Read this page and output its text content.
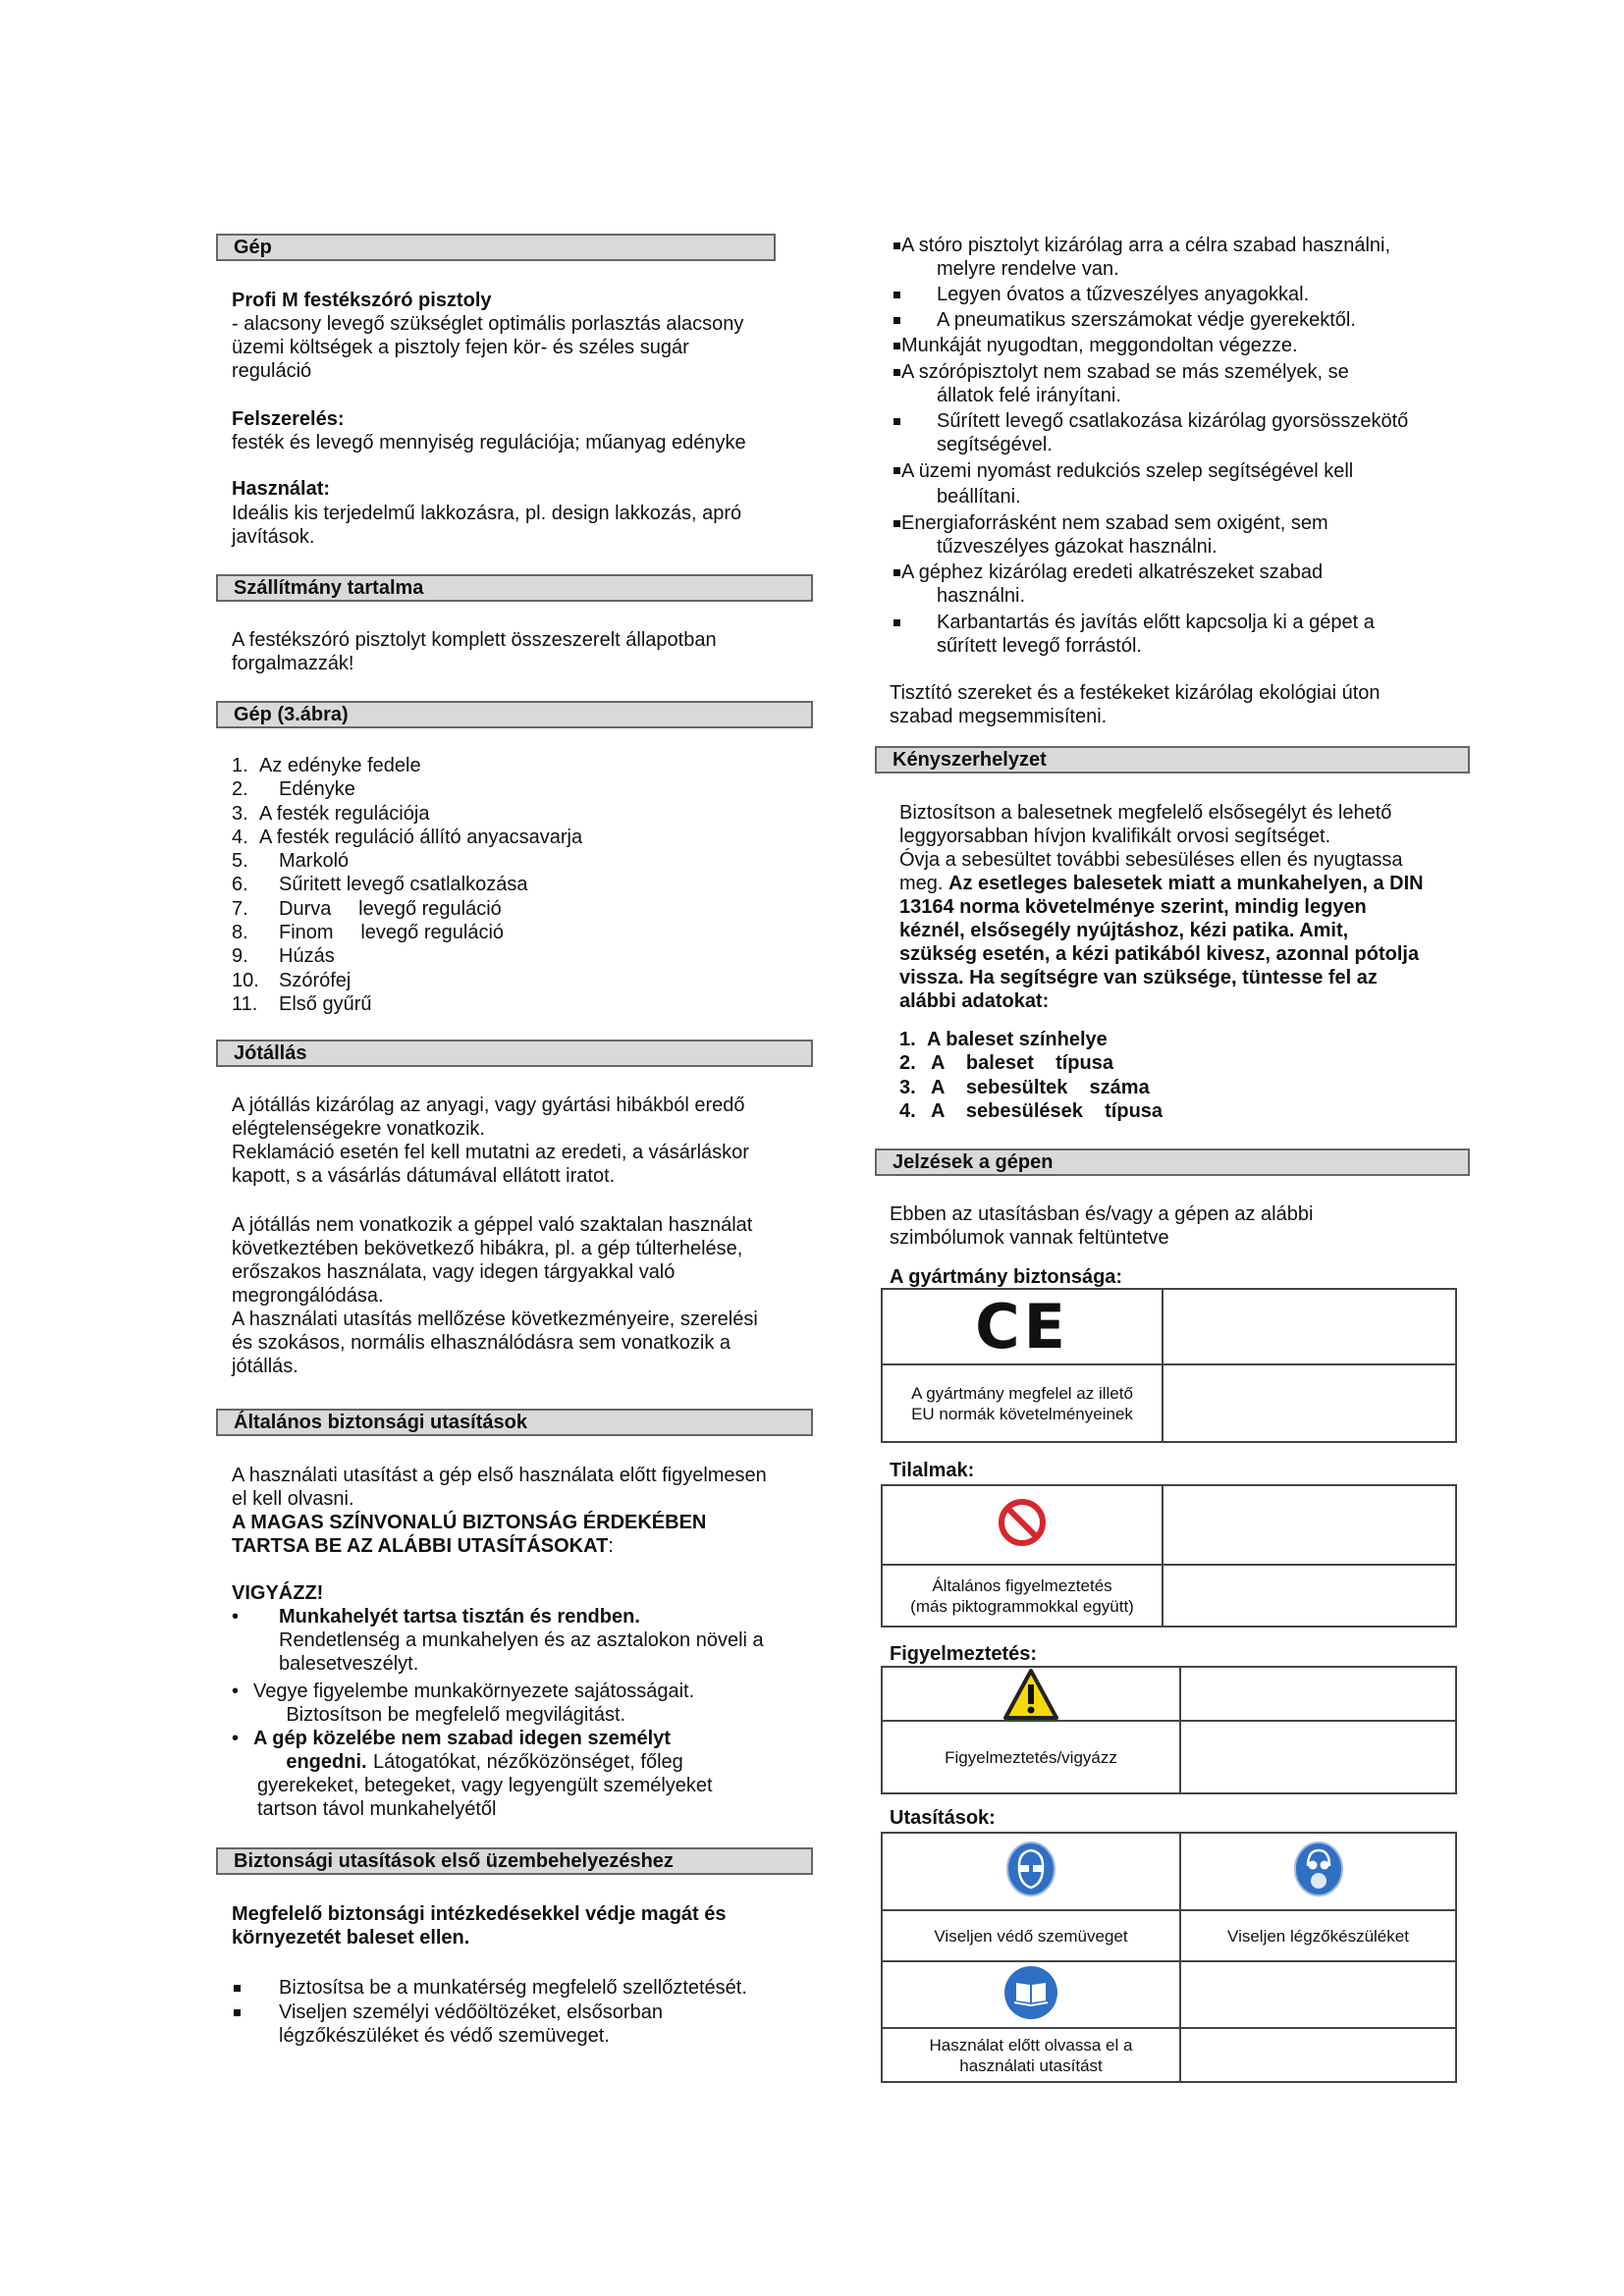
Gép
Profi M festékszóró pisztoly
- alacsony levegő szükséglet optimális porlasztás alacsony
üzemi költségek a pisztoly fejen kör- és széles sugár
reguláció
Felszerelés:
festék és levegő mennyiség regulációja; műanyag edényke
Használat:
Ideális kis terjedelmű lakkozásra, pl. design lakkozás, apró
javítások.
Szállítmány tartalma
A festékszóró pisztolyt komplett összeszerelt állapotban
forgalmazzák!
Gép (3.ábra)
1. Az edényke fedele
2.	Edényke
3. A festék regulációja
4. A festék reguláció állító anyacsavarja
5.	Markoló
6.	Sűritett levegő csatlalkozása
7.	Durva     levegő reguláció
8.	Finom     levegő reguláció
9.	Húzás
10.	Szórófej
11.	Első gyűrű
Jótállás
A jótállás kizárólag az anyagi, vagy gyártási hibákból eredő
elégtelenségekre vonatkozik.
Reklamáció esetén fel kell mutatni az eredeti, a vásárláskor
kapott, s a vásárlás dátumával ellátott iratot.
A jótállás nem vonatkozik a géppel való szaktalan használat
következtében bekövetkező hibákra, pl. a gép túlterhelése,
erőszakos használata, vagy idegen tárgyakkal való
megrongálódása.
A használati utasítás mellőzése következményeire, szerelési
és szokásos, normális elhasználódásra sem vonatkozik a
jótállás.
Általános biztonsági utasítások
A használati utasítást a gép első használata előtt figyelmesen
el kell olvasni.
A MAGAS SZÍNVONALÚ BIZTONSÁG ÉRDEKÉBEN
TARTSA BE AZ ALÁBBI UTASÍTÁSOKAT:
VIGYÁZZ!
• Munkahelyét tartsa tisztán és rendben.
Rendetlenség a munkahelyen és az asztalokon növeli a
balesetveszélyt.
• Vegye figyelembe munkakörnyezete sajátosságait.
Biztosítson be megfelelő megvilágitást.
• A gép közelébe nem szabad idegen személyt
engedni. Látogatókat, nézőközönséget, főleg
gyerekeket, betegeket, vagy legyengült személyeket
tartson távol munkahelyétől
Biztonsági utasítások első üzembehelyezéshez
Megfelelő biztonsági intézkedésekkel védje magát és
környezetét baleset ellen.
Biztosítsa be a munkatérség megfelelő szellőztetését.
Viseljen személyi védőöltözéket, elsősorban
légzőkészüléket és védő szemüveget.
A stóro pisztolyt kizárólag arra a célra szabad használni,
melyre rendelve van.
Legyen óvatos a tűzveszélyes anyagokkal.
A pneumatikus szerszámokat védje gyerekektől.
Munkáját nyugodtan, meggondoltan végezze.
A szórópisztolyt nem szabad se más személyek, se
állatok felé irányítani.
Sűrített levegő csatlakozása kizárólag gyorsösszekötő
segítségével.
A üzemi nyomást redukciós szelep segítségével kell
beállítani.
Energiaforrásként nem szabad sem oxigént, sem
tűzveszélyes gázokat használni.
A géphez kizárólag eredeti alkatrészeket szabad
használni.
Karbantartás és javítás előtt kapcsolja ki a gépet a
sűrített levegő forrástól.
Tisztító szereket és a festékeket kizárólag ekológiai úton
szabad megsemmisíteni.
Kényszerhelyzet
Biztosítson a balesetnek megfelelő elsősegélyt és lehető
leggyorsabban hívjon kvalifikált orvosi segítséget.
Óvja a sebesültet további sebesüléses ellen és nyugtassa
meg. Az esetleges balesetek miatt a munkahelyen, a DIN
13164 norma követelménye szerint, mindig legyen
kéznél, elsősegély nyújtáshoz, kézi patika. Amit,
szükség esetén, a kézi patikából kivesz, azonnal pótolja
vissza. Ha segítségre van szüksége, tüntesse fel az
alábbi adatokat:
1. A baleset színhelye
2. A    baleset    típusa
3. A    sebesültek    száma
4. A    sebesülések    típusa
Jelzések a gépen
Ebben az utasításban és/vagy a gépen az alábbi
szimbólumok vannak feltüntetve
A gyártmány biztonsága:
CE	
A gyártmány megfelel az illető
EU normák követelményeinek	
Tilalmak:

Általános figyelmeztetés
(más piktogrammokkal együtt)	
Figyelmeztetés:

Figyelmeztetés/vigyázz	
Utasítások:

Viseljen védő szemüveget	Viseljen légzőkészüléket

Használat előtt olvassa el a
használati utasítást	
